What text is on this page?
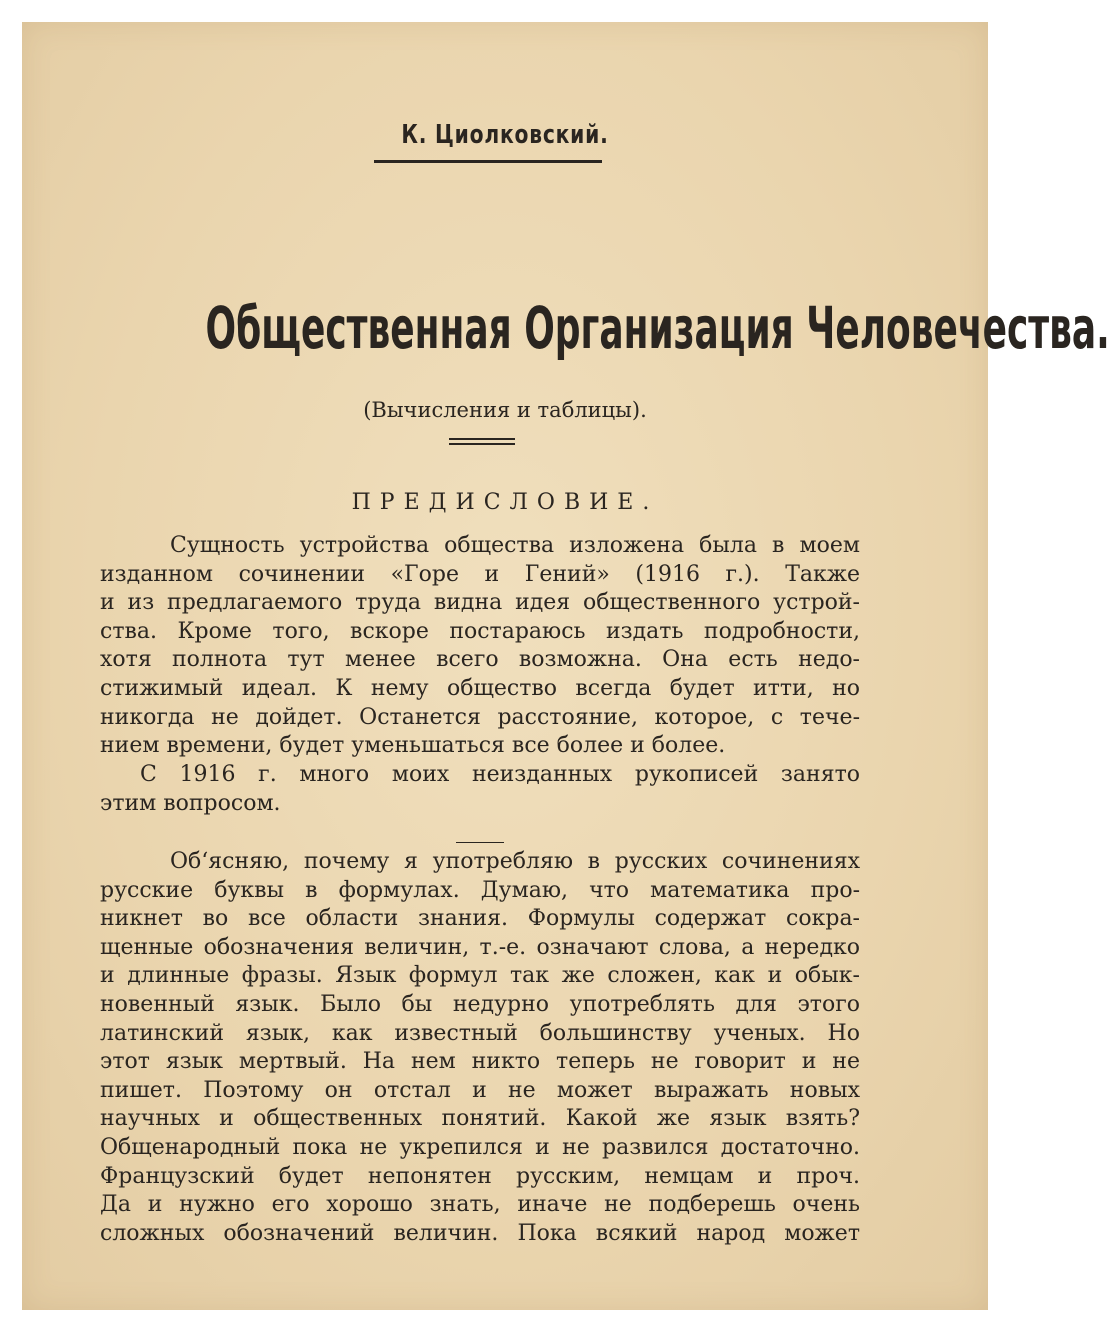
К. Циолковский.
Общественная Организация Человечества.
(Вычисления и таблицы).
ПРЕДИСЛОВИЕ.
Сущность устройства общества изложена была в моем
изданном сочинении «Горе и Гений» (1916 г.). Также
и из предлагаемого труда видна идея общественного устрой-
ства. Кроме того, вскоре постараюсь издать подробности,
хотя полнота тут менее всего возможна. Она есть недо-
стижимый идеал. К нему общество всегда будет итти, но
никогда не дойдет. Останется расстояние, которое, с тече-
нием времени, будет уменьшаться все более и более.
С 1916 г. много моих неизданных рукописей занято
этим вопросом.
Об‘ясняю, почему я употребляю в русских сочинениях
русские буквы в формулах. Думаю, что математика про-
никнет во все области знания. Формулы содержат сокра-
щенные обозначения величин, т.-е. означают слова, а нередко
и длинные фразы. Язык формул так же сложен, как и обык-
новенный язык. Было бы недурно употреблять для этого
латинский язык, как известный большинству ученых. Но
этот язык мертвый. На нем никто теперь не говорит и не
пишет. Поэтому он отстал и не может выражать новых
научных и общественных понятий. Какой же язык взять?
Общенародный пока не укрепился и не развился достаточно.
Французский будет непонятен русским, немцам и проч.
Да и нужно его хорошо знать, иначе не подберешь очень
сложных обозначений величин. Пока всякий народ может
